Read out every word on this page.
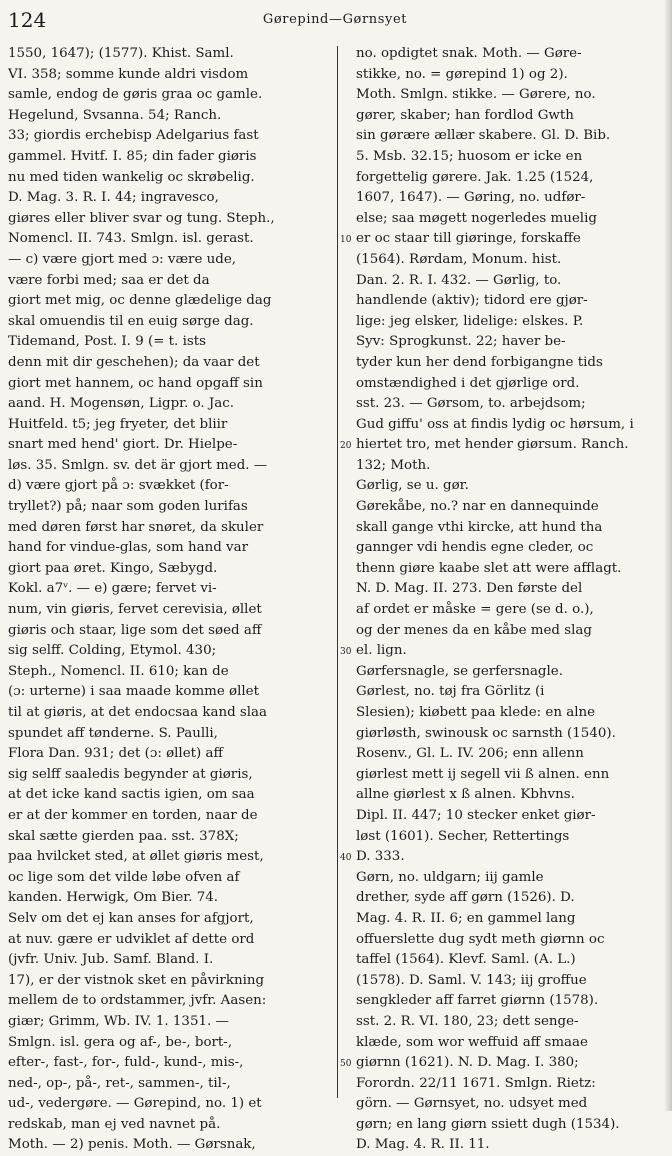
124	Gørepind—Gørnsyet
1550, 1647); (1577). Khist. Saml.
VI. 358; somme kunde aldri visdom
samle, endog de gøris graa oc gamle.
Hegelund, Svsanna. 54; Ranch.
33; giordis erchebisp Adelgarius fast
gammel. Hvitf. I. 85; din fader giøris
nu med tiden wankelig oc skrøbelig.
D. Mag. 3. R. I. 44; ingravesco,
giøres eller bliver svar og tung. Steph.,
Nomencl. II. 743. Smlgn. isl. gerast.
— c) være gjort med ɔ: være ude,
være forbi med; saa er det da
giort met mig, oc denne glædelige dag
skal omuendis til en euig sørge dag.
Tidemand, Post. I. 9 (= t. ists
denn mit dir geschehen); da vaar det
giort met hannem, oc hand opgaff sin
aand. H. Mogensøn, Ligpr. o. Jac.
Huitfeld. t5; jeg fryeter, det bliir
snart med hend' giort. Dr. Hielpe-
løs. 35. Smlgn. sv. det är gjort med. —
d) være gjort på ɔ: svækket (for-
tryllet?) på; naar som goden lurifas
med døren først har snøret, da skuler
hand for vindue-glas, som hand var
giort paa øret. Kingo, Sæbygd.
Kokl. a7ᵛ. — e) gære; fervet vi-
num, vin giøris, fervet cerevisia, øllet
giøris och staar, lige som det søed aff
sig selff. Colding, Etymol. 430;
Steph., Nomencl. II. 610; kan de
(ɔ: urterne) i saa maade komme øllet
til at giøris, at det endocsaa kand slaa
spundet aff tønderne. S. Paulli,
Flora Dan. 931; det (ɔ: øllet) aff
sig selff saaledis begynder at giøris,
at det icke kand sactis igien, om saa
er at der kommer en torden, naar de
skal sætte gierden paa. sst. 378X;
paa hvilcket sted, at øllet giøris mest,
oc lige som det vilde løbe ofven af
kanden. Herwigk, Om Bier. 74.
Selv om det ej kan anses for afgjort,
at nuv. gære er udviklet af dette ord
(jvfr. Univ. Jub. Samf. Bland. I.
17), er der vistnok sket en påvirkning
mellem de to ordstammer, jvfr. Aasen:
giær; Grimm, Wb. IV. 1. 1351. —
Smlgn. isl. gera og af-, be-, bort-,
efter-, fast-, for-, fuld-, kund-, mis-,
ned-, op-, på-, ret-, sammen-, til-,
ud-, vedergøre. — Gørepind, no. 1) et
redskab, man ej ved navnet på.
Moth. — 2) penis. Moth. — Gørsnak,
10
20
30
40
50
no. opdigtet snak. Moth. — Gøre-
stikke, no. = gørepind 1) og 2).
Moth. Smlgn. stikke. — Gørere, no.
gører, skaber; han fordlod Gwth
sin gørære ællær skabere. Gl. D. Bib.
5. Msb. 32.15; huosom er icke en
forgettelig gørere. Jak. 1.25 (1524,
1607, 1647). — Gøring, no. udfør-
else; saa møgett nogerledes muelig
er oc staar till giøringe, forskaffe
(1564). Rørdam, Monum. hist.
Dan. 2. R. I. 432. — Gørlig, to.
handlende (aktiv); tidord ere gjør-
lige: jeg elsker, lidelige: elskes. P.
Syv: Sprogkunst. 22; haver be-
tyder kun her dend forbigangne tids
omstændighed i det gjørlige ord.
sst. 23. — Gørsom, to. arbejdsom;
Gud giffu' oss at findis lydig oc hørsum, i
hiertet tro, met hender giørsum. Ranch.
132; Moth.
Gørlig, se u. gør.
Gørekåbe, no.? nar en dannequinde
skall gange vthi kircke, att hund tha
gannger vdi hendis egne cleder, oc
thenn giøre kaabe slet att were afflagt.
N. D. Mag. II. 273. Den første del
af ordet er måske = gere (se d. o.),
og der menes da en kåbe med slag
el. lign.
Gørfersnagle, se gerfersnagle.
Gørlest, no. tøj fra Görlitz (i
Slesien); kiøbett paa klede: en alne
giørløsth, swinousk oc sarnsth (1540).
Rosenv., Gl. L. IV. 206; enn allenn
giørlest mett ij segell vii ß alnen. enn
allne giørlest x ß alnen. Kbhvns.
Dipl. II. 447; 10 stecker enket giør-
løst (1601). Secher, Rettertings
D. 333.
Gørn, no. uldgarn; iij gamle
drether, syde aff gørn (1526). D.
Mag. 4. R. II. 6; en gammel lang
offuerslette dug sydt meth giørnn oc
taffel (1564). Klevf. Saml. (A. L.)
(1578). D. Saml. V. 143; iij groffue
sengkleder aff farret giørnn (1578).
sst. 2. R. VI. 180, 23; dett senge-
klæde, som wor weffuid aff smaae
giørnn (1621). N. D. Mag. I. 380;
Forordn. 22/11 1671. Smlgn. Rietz:
görn. — Gørnsyet, no. udsyet med
gørn; en lang giørn ssiett dugh (1534).
D. Mag. 4. R. II. 11.
